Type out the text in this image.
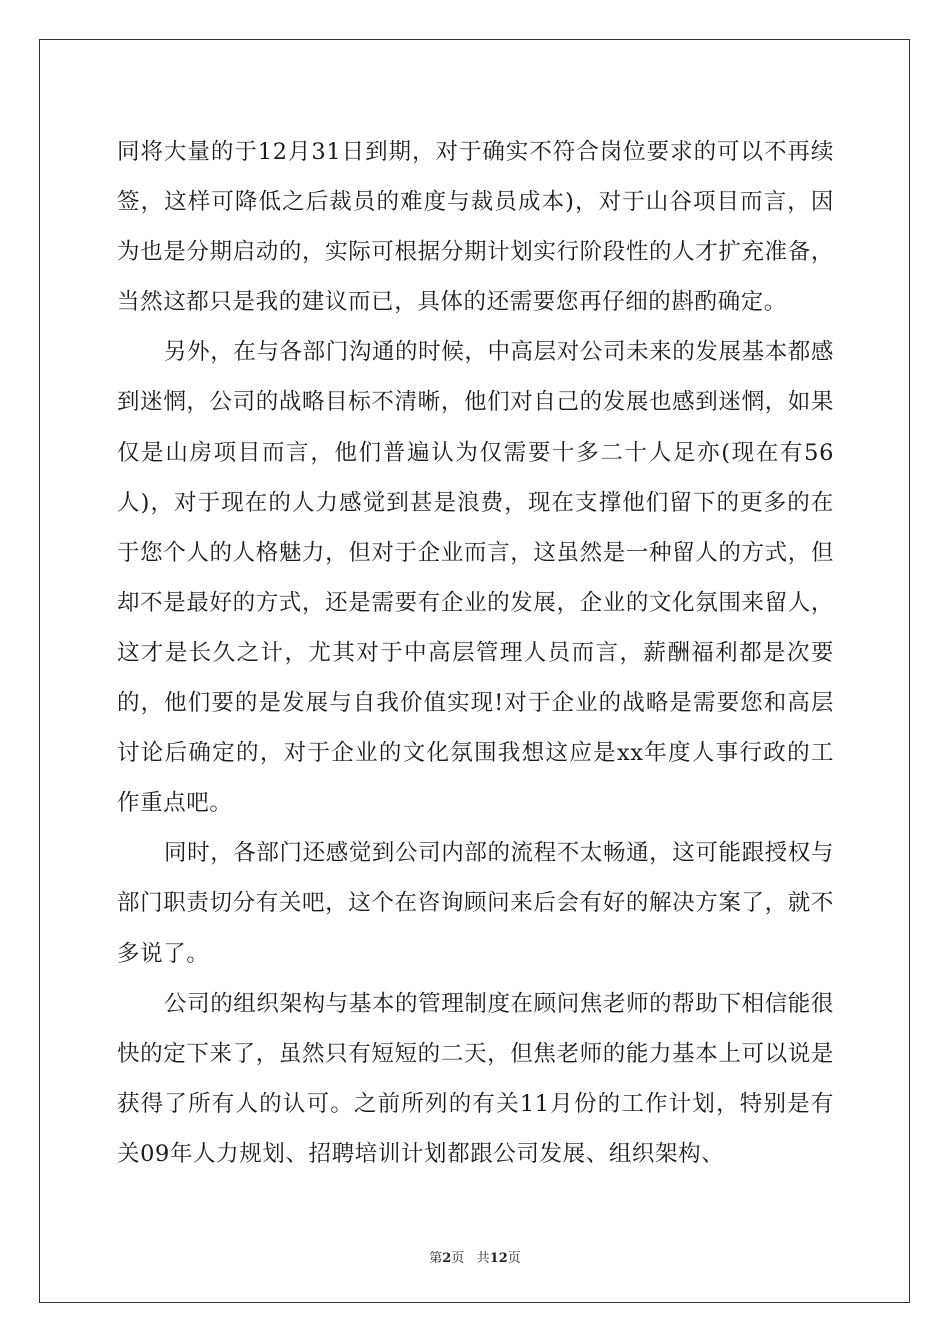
同将大量的于12月31日到期，对于确实不符合岗位要求的可以不再续签，这样可降低之后裁员的难度与裁员成本)，对于山谷项目而言，因为也是分期启动的，实际可根据分期计划实行阶段性的人才扩充准备，当然这都只是我的建议而已，具体的还需要您再仔细的斟酌确定。

另外，在与各部门沟通的时候，中高层对公司未来的发展基本都感到迷惘，公司的战略目标不清晰，他们对自己的发展也感到迷惘，如果仅是山房项目而言，他们普遍认为仅需要十多二十人足亦(现在有56人)，对于现在的人力感觉到甚是浪费，现在支撑他们留下的更多的在于您个人的人格魅力，但对于企业而言，这虽然是一种留人的方式，但却不是最好的方式，还是需要有企业的发展，企业的文化氛围来留人，这才是长久之计，尤其对于中高层管理人员而言，薪酬福利都是次要的，他们要的是发展与自我价值实现!对于企业的战略是需要您和高层讨论后确定的，对于企业的文化氛围我想这应是xx年度人事行政的工作重点吧。

同时，各部门还感觉到公司内部的流程不太畅通，这可能跟授权与部门职责切分有关吧，这个在咨询顾问来后会有好的解决方案了，就不多说了。

公司的组织架构与基本的管理制度在顾问焦老师的帮助下相信能很快的定下来了，虽然只有短短的二天，但焦老师的能力基本上可以说是获得了所有人的认可。之前所列的有关11月份的工作计划，特别是有关09年人力规划、招聘培训计划都跟公司发展、组织架构、

第2页 共12页
